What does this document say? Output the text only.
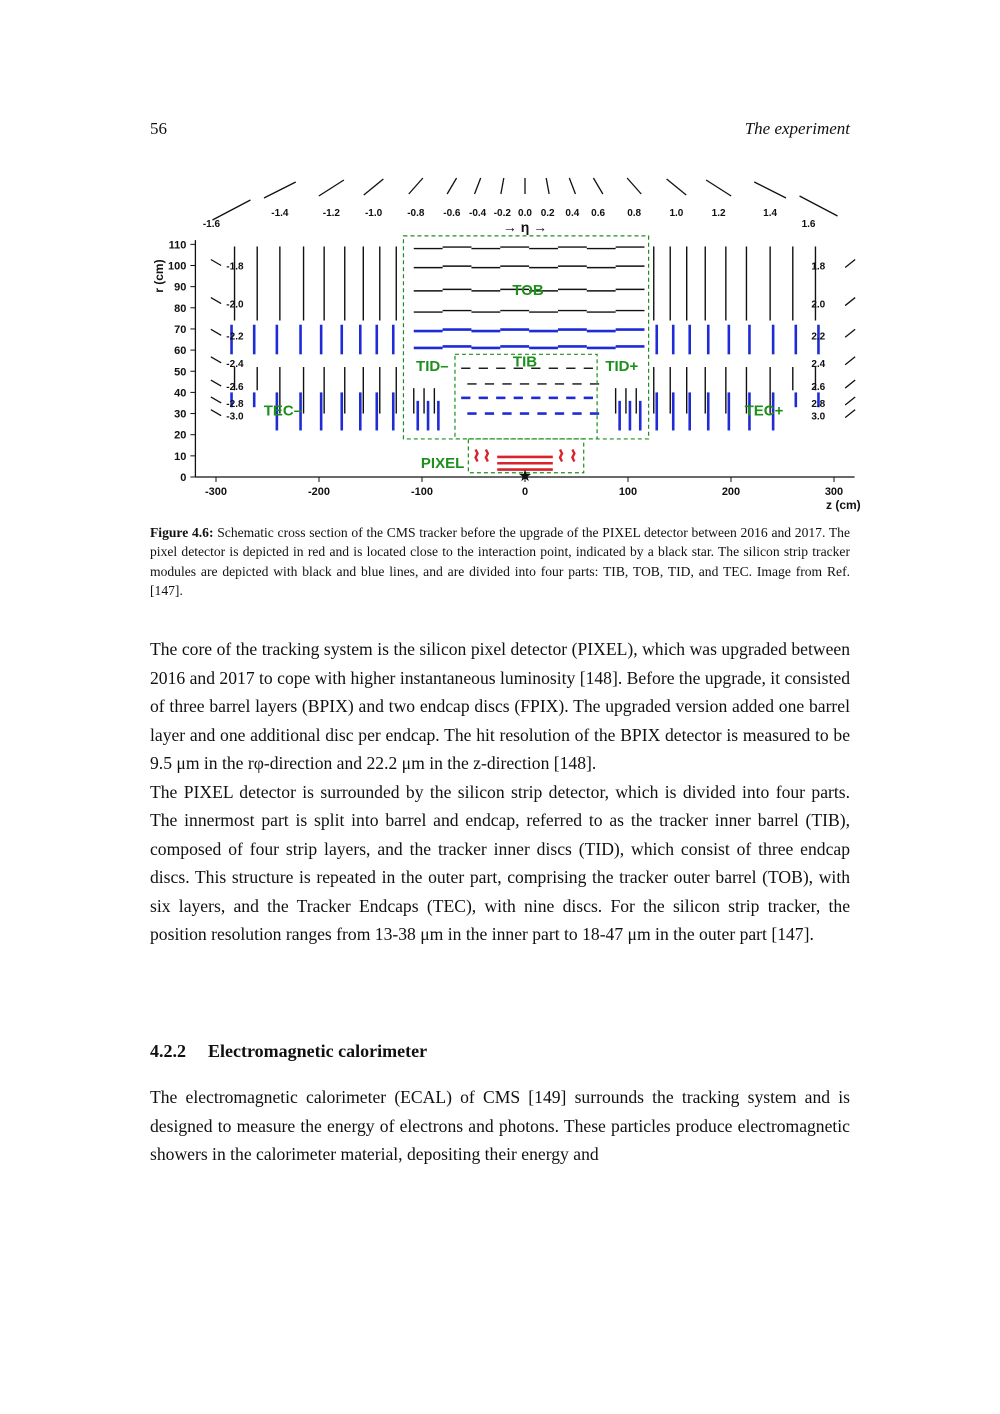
56	The experiment
-300	-200	-100	0	100	200	300
0
10
20
30
40
50
60
70
80
90
100
110
z (cm)
r (cm)
-1.6
-1.4	-1.2 -1.0 -0.8 -0.6 -0.4 -0.2 0.0 0.2 0.4 0.6 0.8	1.0	1.2	1.4
1.6
→ η →
-1.8	1.8
-2.0	2.0
-2.2	2.2
-2.4	2.4
-2.6	2.6
-2.8	2.8
-3.0	3.0
★
TOB
TIB
TID–	TID+
TEC–	TEC+
PIXEL
Figure 4.6: Schematic cross section of the CMS tracker before the upgrade of the PIXEL detector between 2016 and 2017. The pixel detector is depicted in red and is located close to the interaction point, indicated by a black star. The silicon strip tracker modules are depicted with black and blue lines, and are divided into four parts: TIB, TOB, TID, and TEC. Image from Ref. [147].

The core of the tracking system is the silicon pixel detector (PIXEL), which was upgraded between 2016 and 2017 to cope with higher instantaneous luminosity [148]. Before the upgrade, it consisted of three barrel layers (BPIX) and two endcap discs (FPIX). The upgraded version added one barrel layer and one additional disc per endcap. The hit resolution of the BPIX detector is measured to be 9.5 μm in the rφ-direction and 22.2 μm in the z-direction [148].

The PIXEL detector is surrounded by the silicon strip detector, which is divided into four parts. The innermost part is split into barrel and endcap, referred to as the tracker inner barrel (TIB), composed of four strip layers, and the tracker inner discs (TID), which consist of three endcap discs. This structure is repeated in the outer part, comprising the tracker outer barrel (TOB), with six layers, and the Tracker Endcaps (TEC), with nine discs. For the silicon strip tracker, the position resolution ranges from 13-38 μm in the inner part to 18-47 μm in the outer part [147].

4.2.2 Electromagnetic calorimeter

The electromagnetic calorimeter (ECAL) of CMS [149] surrounds the tracking system and is designed to measure the energy of electrons and photons. These particles produce electromagnetic showers in the calorimeter material, depositing their energy and
